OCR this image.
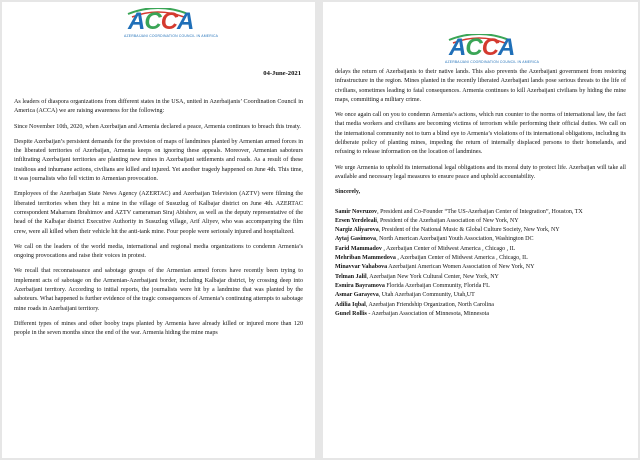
ACCA
AZERBAIJANI COORDINATION COUNCIL IN AMERICA
04-June-2021

As leaders of diaspora organizations from different states in the USA, united in Azerbaijanis’ Coordination Council in America (ACCA) we are raising awareness for the following:

Since November 10th, 2020, when Azerbaijan and Armenia declared a peace, Armenia continues to breach this treaty.

Despite Azerbaijan’s persistent demands for the provision of maps of landmines planted by Armenian armed forces in the liberated territories of Azerbaijan, Armenia keeps on ignoring these appeals. Moreover, Armenian saboteurs infiltrating Azerbaijani territories are planting new mines in Azerbaijani settlements and roads. As a result of these insidious and inhumane actions, civilians are killed and injured. Yet another tragedy happened on June 4th. This time, it was journalists who fell victim to Armenian provocation.

Employees of the Azerbaijan State News Agency (AZERTAC) and Azerbaijan Television (AZTV) were filming the liberated territories when they hit a mine in the village of Susuzlug of Kalbajar district on June 4th. AZERTAC correspondent Maharram Ibrahimov and AZTV cameraman Siraj Abishov, as well as the deputy representative of the head of the Kalbajar district Executive Authority in Susuzlug village, Arif Aliyev, who was accompanying the film crew, were all killed when their vehicle hit the anti-tank mine. Four people were seriously injured and hospitalized.

We call on the leaders of the world media, international and regional media organizations to condemn Armenia’s ongoing provocations and raise their voices in protest.

We recall that reconnaissance and sabotage groups of the Armenian armed forces have recently been trying to implement acts of sabotage on the Armenian-Azerbaijani border, including Kalbajar district, by crossing deep into Azerbaijani territory. According to initial reports, the journalists were hit by a landmine that was planted by the saboteurs. What happened is further evidence of the tragic consequences of Armenia’s continuing attempts to sabotage mine roads in Azerbaijani territory.

Different types of mines and other booby traps planted by Armenia have already killed or injured more than 120 people in the seven months since the end of the war. Armenia hiding the mine maps

ACCA
AZERBAIJANI COORDINATION COUNCIL IN AMERICA

delays the return of Azerbaijanis to their native lands. This also prevents the Azerbaijani government from restoring infrastructure in the region. Mines planted in the recently liberated Azerbaijani lands pose serious threats to the life of civilians, sometimes leading to fatal consequences. Armenia continues to kill Azerbaijani civilians by hiding the mine maps, committing a military crime.

We once again call on you to condemn Armenia’s actions, which run counter to the norms of international law, the fact that media workers and civilians are becoming victims of terrorism while performing their official duties. We call on the international community not to turn a blind eye to Armenia’s violations of its international obligations, including its deliberate policy of planting mines, impeding the return of internally displaced persons to their homelands, and refusing to release information on the location of landmines.

We urge Armenia to uphold its international legal obligations and its moral duty to protect life. Azerbaijan will take all available and necessary legal measures to ensure peace and uphold accountability.

Sincerely,

Samir Novruzov, President and Co-Founder “The US-Azerbaijan Center of Integration”, Houston, TX
Ersen Yerdeleali, President of the Azerbaijan Association of New York, NY
Nargiz Aliyarova, President of the National Music & Global Culture Society, New York, NY
Aytaj Gasimova, North American Azerbaijani Youth Association, Washington DC
Farid Mammadov , Azerbaijan Center of Midwest America , Chicago , IL
Mehriban Mammedova , Azerbaijan Center of Midwest America , Chicago, IL
Minavvar Vahabova Azerbaijani American Women Association of New York, NY
Telman Jalil, Azerbaijan New York Cultural Center, New York, NY
Esmira Bayramova Florida Azerbaijan Community, Florida FL
Asmar Garayeva, Utah Azerbaijan Community, Utah,UT
Adilia Iqbal, Azerbaijan Friendship Organization, North Carolina
Gunel Rollis - Azerbaijan Association of Minnesota, Minnesota
